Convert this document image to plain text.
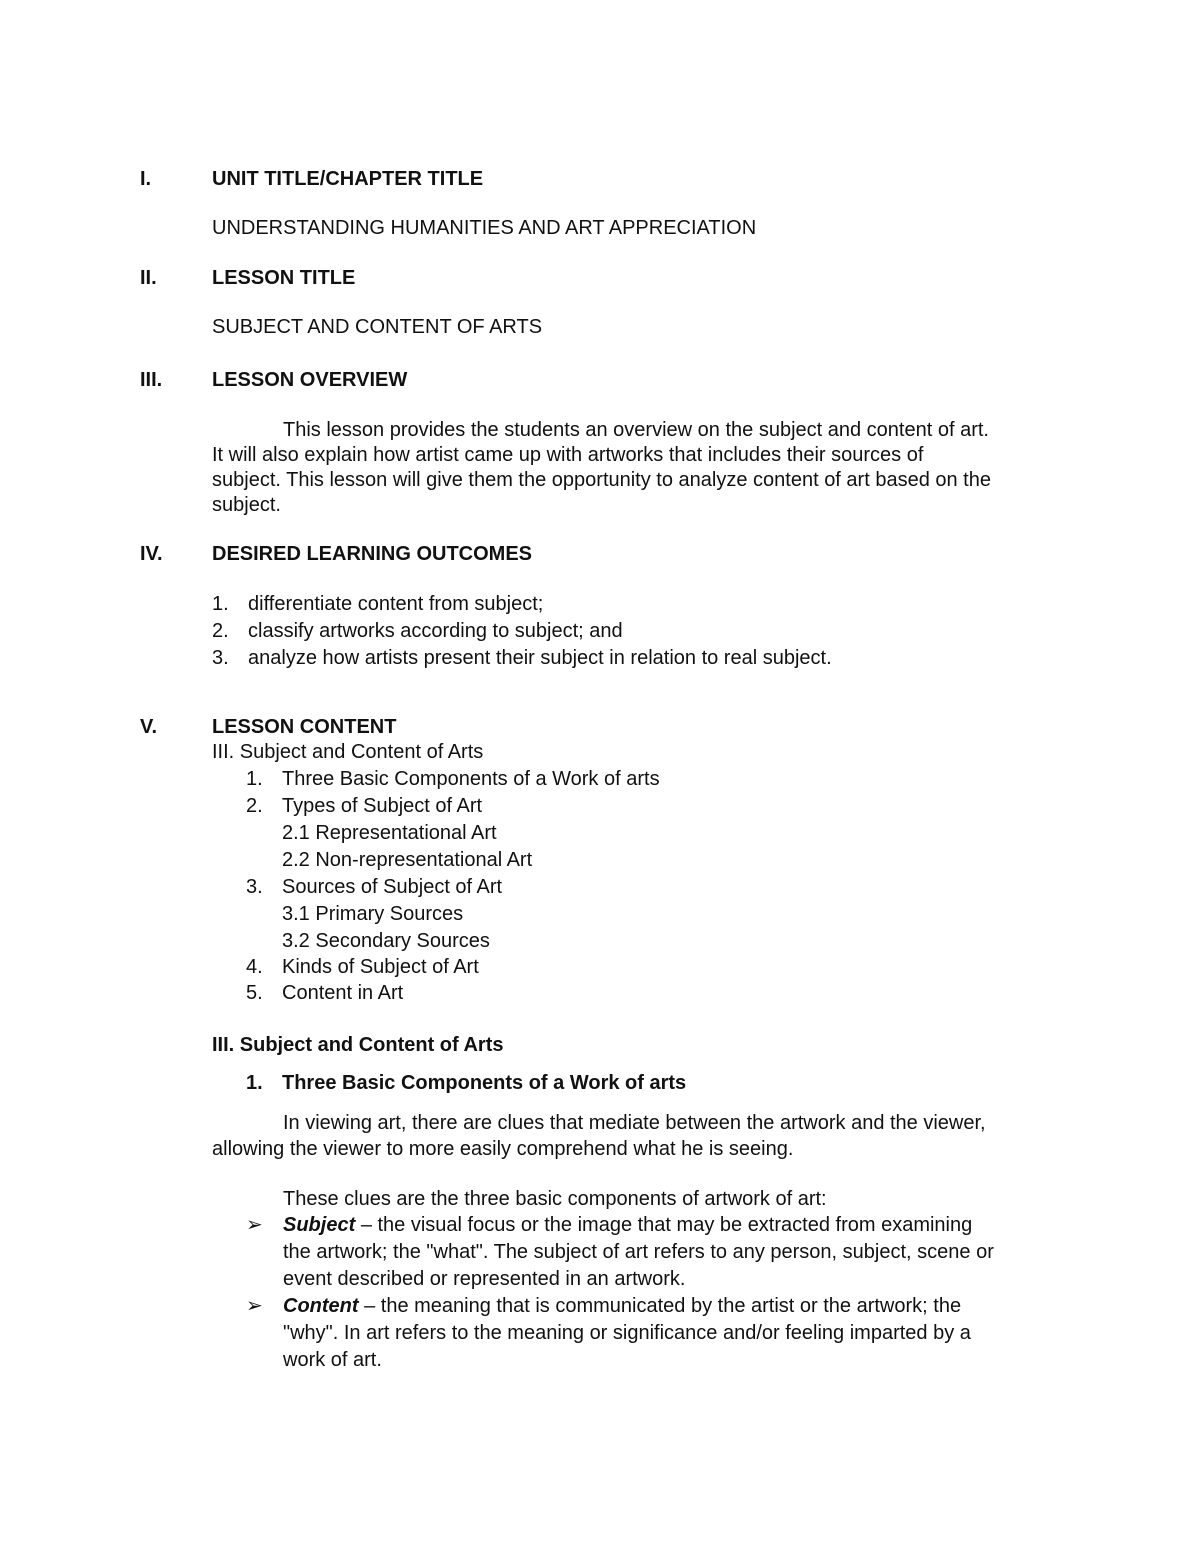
I.	UNIT TITLE/CHAPTER TITLE
UNDERSTANDING HUMANITIES AND ART APPRECIATION
II.	LESSON TITLE
SUBJECT AND CONTENT OF ARTS
III. LESSON OVERVIEW
This lesson provides the students an overview on the subject and content of art.
It will also explain how artist came up with artworks that includes their sources of
subject. This lesson will give them the opportunity to analyze content of art based on the
subject.
IV. DESIRED LEARNING OUTCOMES
1. differentiate content from subject;
2. classify artworks according to subject; and
3. analyze how artists present their subject in relation to real subject.
V.	LESSON CONTENT
III. Subject and Content of Arts
1. Three Basic Components of a Work of arts
2. Types of Subject of Art
2.1 Representational Art
2.2 Non-representational Art
3. Sources of Subject of Art
3.1 Primary Sources
3.2 Secondary Sources
4. Kinds of Subject of Art
5. Content in Art
III. Subject and Content of Arts
1. Three Basic Components of a Work of arts
In viewing art, there are clues that mediate between the artwork and the viewer,
allowing the viewer to more easily comprehend what he is seeing.
These clues are the three basic components of artwork of art:
➢ Subject – the visual focus or the image that may be extracted from examining
the artwork; the "what". The subject of art refers to any person, subject, scene or
event described or represented in an artwork.
➢ Content – the meaning that is communicated by the artist or the artwork; the
"why". In art refers to the meaning or significance and/or feeling imparted by a
work of art.
